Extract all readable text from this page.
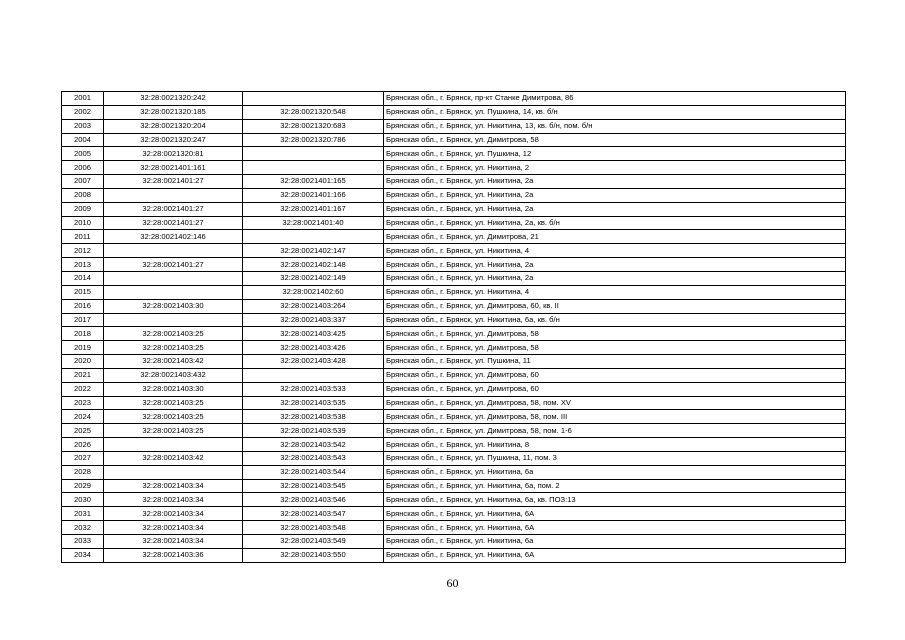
2001	32:28:0021320:242		Брянская обл., г. Брянск, пр-кт Станке Димитрова, 86
2002	32:28:0021320:185	32:28:0021320:548	Брянская обл., г. Брянск, ул. Пушкина, 14, кв. б/н
2003	32:28:0021320:204	32:28:0021320:683	Брянская обл., г. Брянск, ул. Никитина, 13, кв. б/н, пом. б/н
2004	32:28:0021320:247	32:28:0021320:786	Брянская обл., г. Брянск, ул. Димитрова, 58
2005	32:28:0021320:81		Брянская обл., г. Брянск, ул. Пушкина, 12
2006	32:28:0021401:161		Брянская обл., г. Брянск, ул. Никитина, 2
2007	32:28:0021401:27	32:28:0021401:165	Брянская обл., г. Брянск, ул. Никитина, 2а
2008		32:28:0021401:166	Брянская обл., г. Брянск, ул. Никитина, 2а
2009	32:28:0021401:27	32:28:0021401:167	Брянская обл., г. Брянск, ул. Никитина, 2а
2010	32:28:0021401:27	32:28:0021401:40	Брянская обл., г. Брянск, ул. Никитина, 2а, кв. б/н
2011	32:28:0021402:146		Брянская обл., г. Брянск, ул. Димитрова, 21
2012		32:28:0021402:147	Брянская обл., г. Брянск, ул. Никитина, 4
2013	32:28:0021401:27	32:28:0021402:148	Брянская обл., г. Брянск, ул. Никитина, 2а
2014		32:28:0021402:149	Брянская обл., г. Брянск, ул. Никитина, 2а
2015		32:28:0021402:60	Брянская обл., г. Брянск, ул. Никитина, 4
2016	32:28:0021403:30	32:28:0021403:264	Брянская обл., г. Брянск, ул. Димитрова, 60, кв. II
2017		32:28:0021403:337	Брянская обл., г. Брянск, ул. Никитина, 6а, кв. б/н
2018	32:28:0021403:25	32:28:0021403:425	Брянская обл., г. Брянск, ул. Димитрова, 58
2019	32:28:0021403:25	32:28:0021403:426	Брянская обл., г. Брянск, ул. Димитрова, 58
2020	32:28:0021403:42	32:28:0021403:428	Брянская обл., г. Брянск, ул. Пушкина, 11
2021	32:28:0021403:432		Брянская обл., г. Брянск, ул. Димитрова, 60
2022	32:28:0021403:30	32:28:0021403:533	Брянская обл., г. Брянск, ул. Димитрова, 60
2023	32:28:0021403:25	32:28:0021403:535	Брянская обл., г. Брянск, ул. Димитрова, 58, пом. XV
2024	32:28:0021403:25	32:28:0021403:538	Брянская обл., г. Брянск, ул. Димитрова, 58, пом. III
2025	32:28:0021403:25	32:28:0021403:539	Брянская обл., г. Брянск, ул. Димитрова, 58, пом. 1-6
2026		32:28:0021403:542	Брянская обл., г. Брянск, ул. Никитина, 8
2027	32:28:0021403:42	32:28:0021403:543	Брянская обл., г. Брянск, ул. Пушкина, 11, пом. 3
2028		32:28:0021403:544	Брянская обл., г. Брянск, ул. Никитина, 6а
2029	32:28:0021403:34	32:28:0021403:545	Брянская обл., г. Брянск, ул. Никитина, 6а, пом. 2
2030	32:28:0021403:34	32:28:0021403:546	Брянская обл., г. Брянск, ул. Никитина, 6а, кв. ПОЗ:13
2031	32:28:0021403:34	32:28:0021403:547	Брянская обл., г. Брянск, ул. Никитина, 6А
2032	32:28:0021403:34	32:28:0021403:548	Брянская обл., г. Брянск, ул. Никитина, 6А
2033	32:28:0021403:34	32:28:0021403:549	Брянская обл., г. Брянск, ул. Никитина, 6а
2034	32:28:0021403:36	32:28:0021403:550	Брянская обл., г. Брянск, ул. Никитина, 6А
60
